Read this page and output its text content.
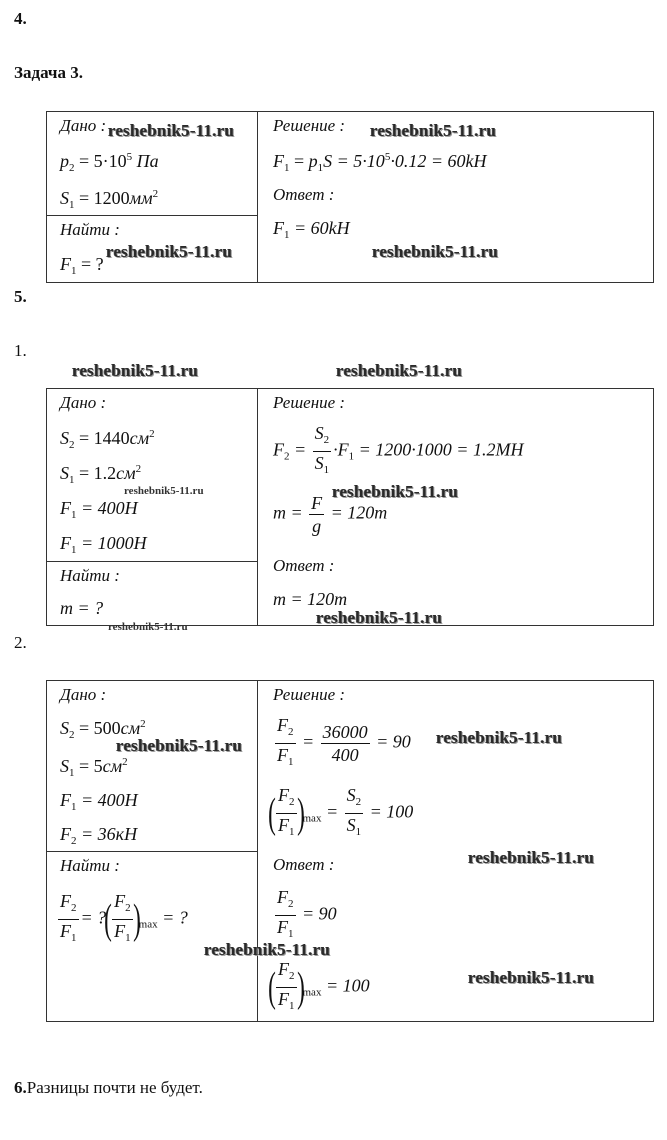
4.
Задача 3.
Дано :
$p_2 = 5\cdot 10^5$ Па
$S_1 = 1200мм^2$
Найти :
$F_1$ = ?
Решение :
$F_1 = p_1S = 5\cdot 10^5\cdot 0.12 = 60kH$
Ответ :
$F_1 = 60kH$
reshebnik5-11.ru	reshebnik5-11.ru
reshebnik5-11.ru	reshebnik5-11.ru
5.
1.
reshebnik5-11.ru	reshebnik5-11.ru
Дано :
$S_2 = 1440см^2$
$S_1 = 1.2см^2$
$F_1 = 400H$
$F_1 = 1000H$
Найти :
m = ?
Решение :
$F_2 = \frac{S_2}{S_1} \cdot F_1 = 1200\cdot 1000 = 1.2MH$
$m = \frac{F}{g} = 120m$
Ответ :
m = 120m
reshebnik5-11.ru	reshebnik5-11.ru
reshebnik5-11.ru	reshebnik5-11.ru
2.
Дано :
$S_2 = 500см^2$
$S_1 = 5см^2$
$F_1 = 400H$
$F_2 = 36кH$
Найти :
$\frac{F_2}{F_1}$ = ?( $\frac{F_2}{F_1} )_{max}$ = ?
Решение :
$\frac{F_2}{F_1} = \frac{36000}{400} = 90$
( $\frac{F_2}{F_1} )_{max} = \frac{S_2}{S_1} = 100$
Ответ :
$\frac{F_2}{F_1} = 90$
( $\frac{F_2}{F_1} )_{max} = 100$
reshebnik5-11.ru	reshebnik5-11.ru
reshebnik5-11.ru
reshebnik5-11.ru
reshebnik5-11.ru
6.Разницы почти не будет.
